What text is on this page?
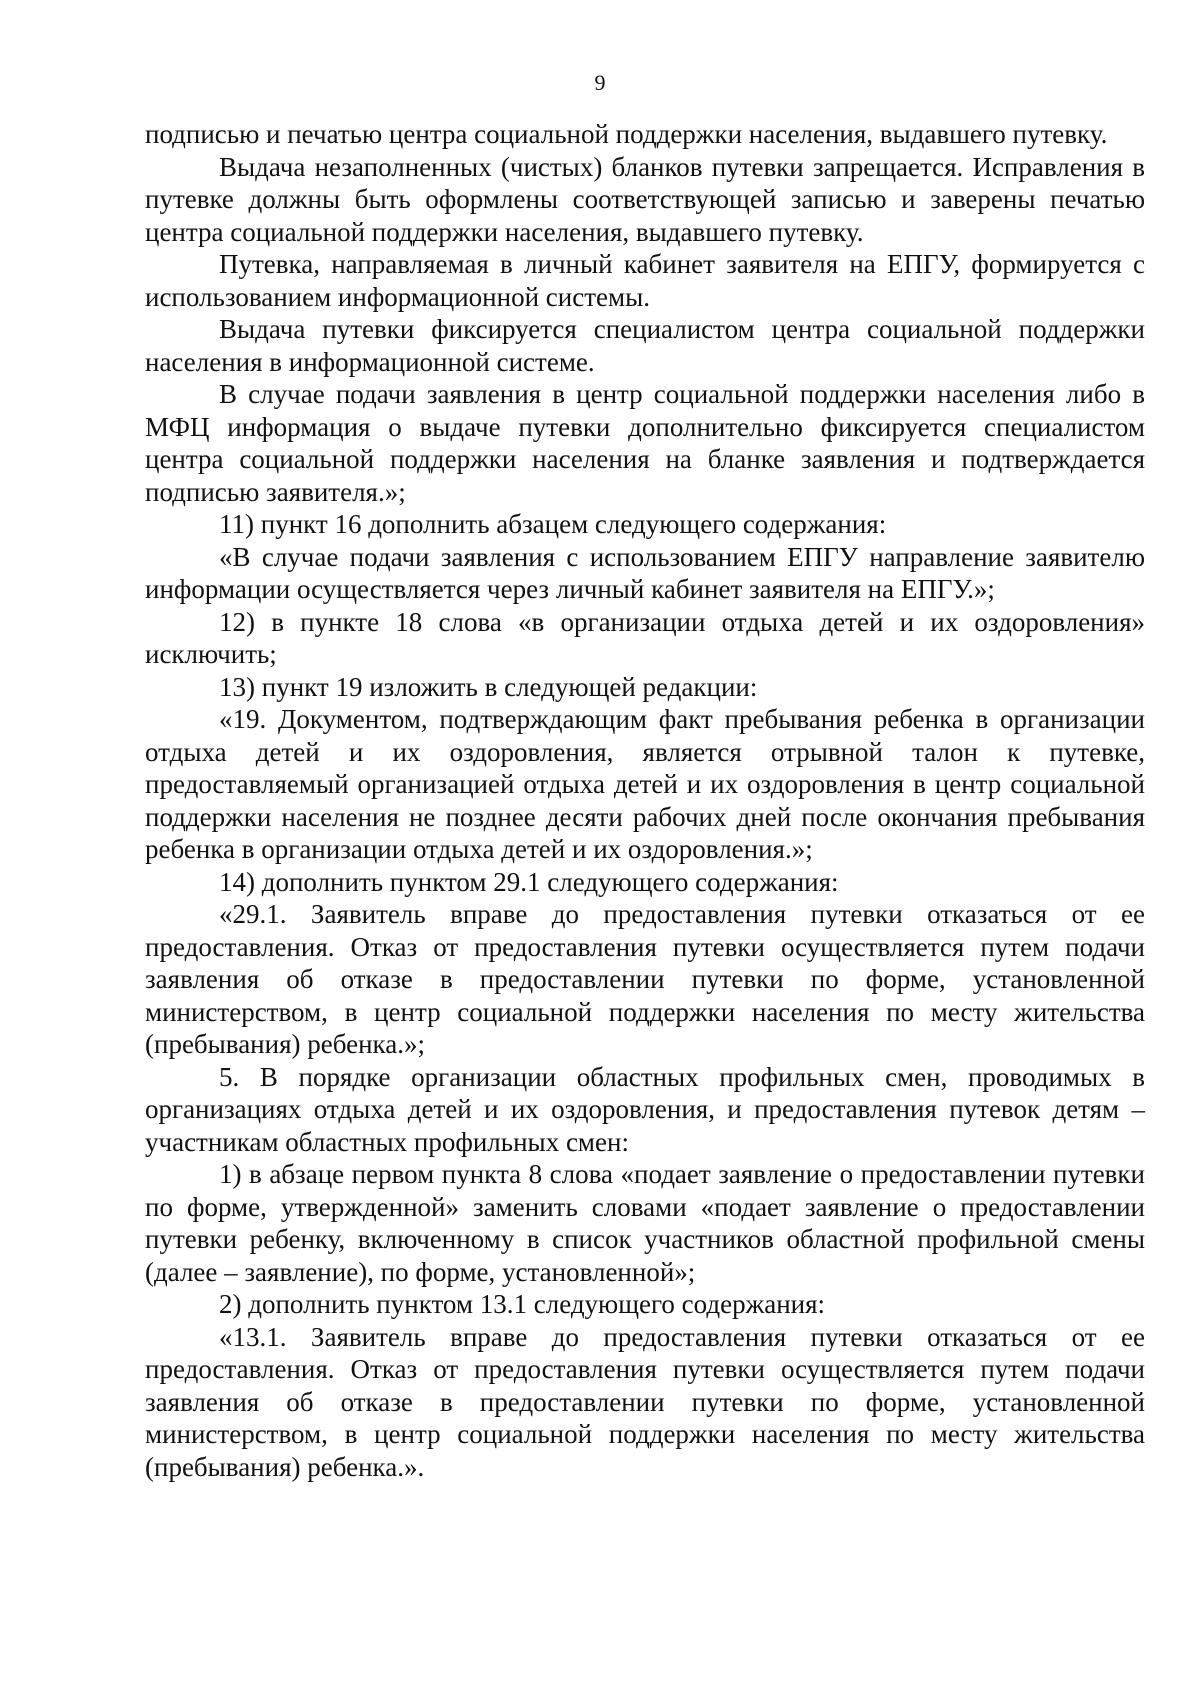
9

подписью и печатью центра социальной поддержки населения, выдавшего путевку.

Выдача незаполненных (чистых) бланков путевки запрещается. Исправления в путевке должны быть оформлены соответствующей записью и заверены печатью центра социальной поддержки населения, выдавшего путевку.

Путевка, направляемая в личный кабинет заявителя на ЕПГУ, формируется с использованием информационной системы.

Выдача путевки фиксируется специалистом центра социальной поддержки населения в информационной системе.

В случае подачи заявления в центр социальной поддержки населения либо в МФЦ информация о выдаче путевки дополнительно фиксируется специалистом центра социальной поддержки населения на бланке заявления и подтверждается подписью заявителя.»;

11) пункт 16 дополнить абзацем следующего содержания:

«В случае подачи заявления с использованием ЕПГУ направление заявителю информации осуществляется через личный кабинет заявителя на ЕПГУ.»;

12) в пункте 18 слова «в организации отдыха детей и их оздоровления» исключить;

13) пункт 19 изложить в следующей редакции:

«19. Документом, подтверждающим факт пребывания ребенка в организации отдыха детей и их оздоровления, является отрывной талон к путевке, предоставляемый организацией отдыха детей и их оздоровления в центр социальной поддержки населения не позднее десяти рабочих дней после окончания пребывания ребенка в организации отдыха детей и их оздоровления.»;

14) дополнить пунктом 29.1 следующего содержания:

«29.1. Заявитель вправе до предоставления путевки отказаться от ее предоставления. Отказ от предоставления путевки осуществляется путем подачи заявления об отказе в предоставлении путевки по форме, установленной министерством, в центр социальной поддержки населения по месту жительства (пребывания) ребенка.»;

5. В порядке организации областных профильных смен, проводимых в организациях отдыха детей и их оздоровления, и предоставления путевок детям – участникам областных профильных смен:

1) в абзаце первом пункта 8 слова «подает заявление о предоставлении путевки по форме, утвержденной» заменить словами «подает заявление о предоставлении путевки ребенку, включенному в список участников областной профильной смены (далее – заявление), по форме, установленной»;

2) дополнить пунктом 13.1 следующего содержания:

«13.1. Заявитель вправе до предоставления путевки отказаться от ее предоставления. Отказ от предоставления путевки осуществляется путем подачи заявления об отказе в предоставлении путевки по форме, установленной министерством, в центр социальной поддержки населения по месту жительства (пребывания) ребенка.».
